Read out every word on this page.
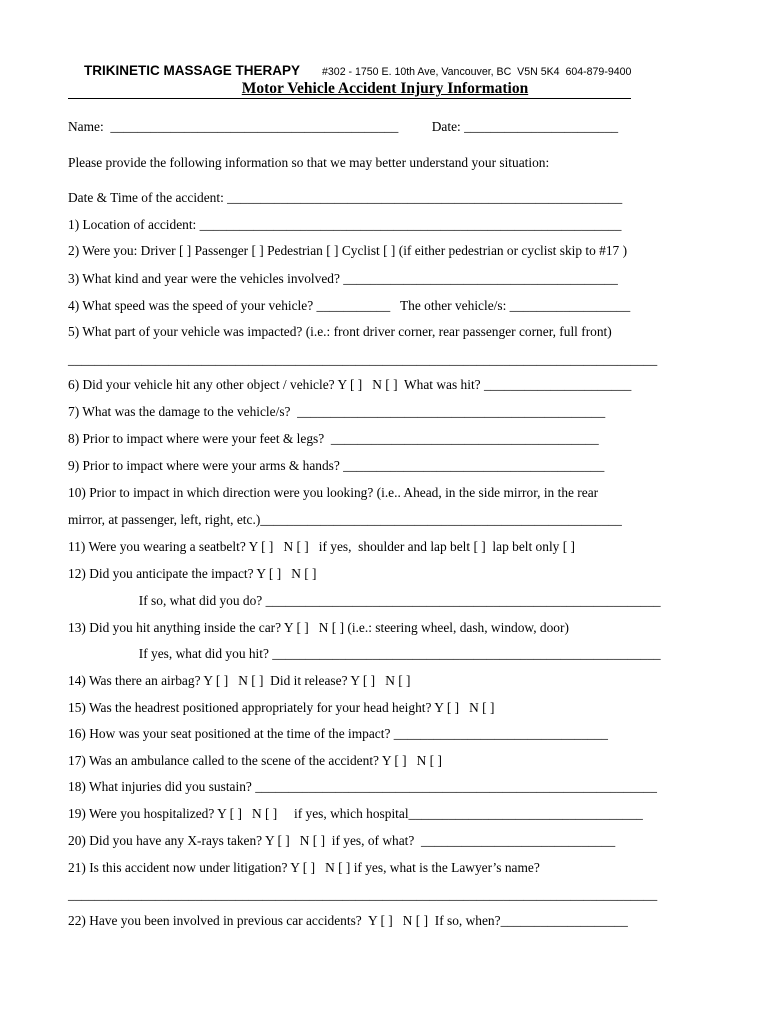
TRIKINETIC MASSAGE THERAPY #302 - 1750 E. 10th Ave, Vancouver, BC  V5N 5K4  604-879-9400

Motor Vehicle Accident Injury Information
Name:  ___________________________________________          Date: _______________________
Please provide the following information so that we may better understand your situation:
Date & Time of the accident: ___________________________________________________________
1) Location of accident: _______________________________________________________________
2) Were you: Driver [ ] Passenger [ ] Pedestrian [ ] Cyclist [ ] (if either pedestrian or cyclist skip to #17 )
3) What kind and year were the vehicles involved? _________________________________________
4) What speed was the speed of your vehicle? ___________   The other vehicle/s: __________________
5) What part of your vehicle was impacted? (i.e.: front driver corner, rear passenger corner, full front)
________________________________________________________________________________________
6) Did your vehicle hit any other object / vehicle? Y [ ]   N [ ]  What was hit? ______________________
7) What was the damage to the vehicle/s?  ______________________________________________
8) Prior to impact where were your feet & legs?  ________________________________________
9) Prior to impact where were your arms & hands? _______________________________________
10) Prior to impact in which direction were you looking? (i.e.. Ahead, in the side mirror, in the rear
mirror, at passenger, left, right, etc.)______________________________________________________
11) Were you wearing a seatbelt? Y [ ]   N [ ]   if yes,  shoulder and lap belt [ ]  lap belt only [ ]
12) Did you anticipate the impact? Y [ ]   N [ ]
If so, what did you do? ___________________________________________________________
13) Did you hit anything inside the car? Y [ ]   N [ ] (i.e.: steering wheel, dash, window, door)
If yes, what did you hit? __________________________________________________________
14) Was there an airbag? Y [ ]   N [ ]  Did it release? Y [ ]   N [ ]
15) Was the headrest positioned appropriately for your head height? Y [ ]   N [ ]
16) How was your seat positioned at the time of the impact? ________________________________
17) Was an ambulance called to the scene of the accident? Y [ ]   N [ ]
18) What injuries did you sustain? ____________________________________________________________
19) Were you hospitalized? Y [ ]   N [ ]     if yes, which hospital___________________________________
20) Did you have any X-rays taken? Y [ ]   N [ ]  if yes, of what?  _____________________________
21) Is this accident now under litigation? Y [ ]   N [ ] if yes, what is the Lawyer’s name?
________________________________________________________________________________________
22) Have you been involved in previous car accidents?  Y [ ]   N [ ]  If so, when?___________________
